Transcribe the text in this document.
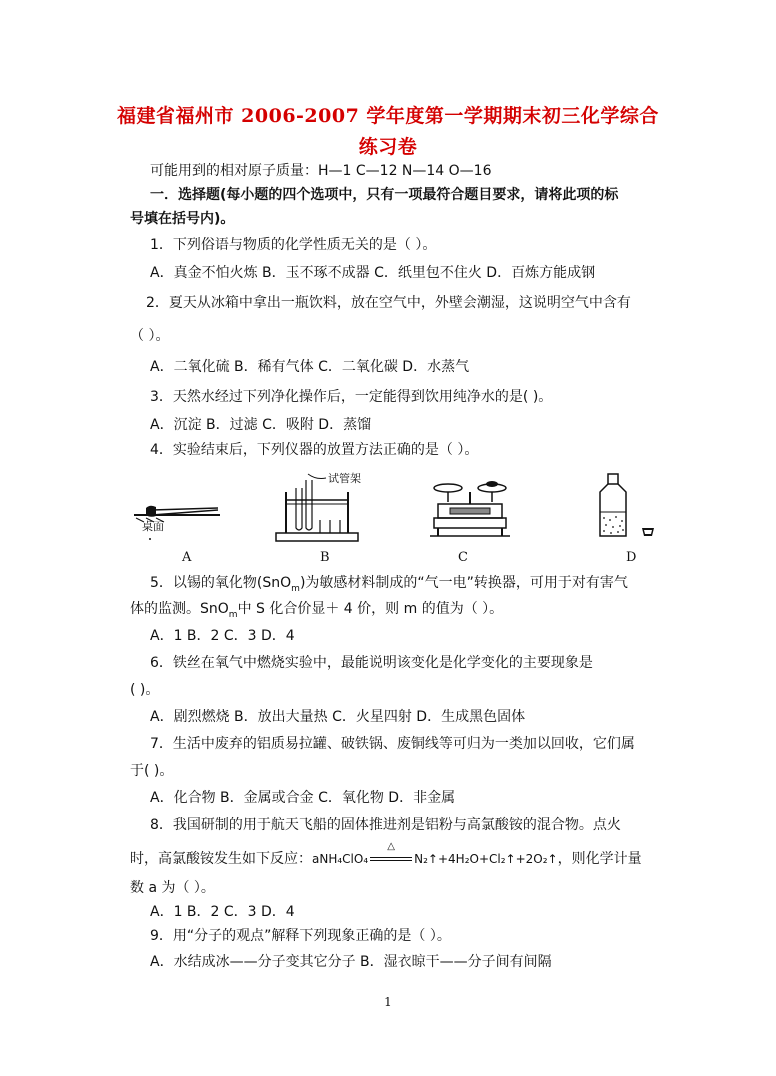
福建省福州市 2006-2007 学年度第一学期期末初三化学综合
练习卷
可能用到的相对原子质量：H—1 C—12 N—14 O—16
一．选择题(每小题的四个选项中，只有一项最符合题目要求，请将此项的标
号填在括号内)。
1．下列俗语与物质的化学性质无关的是（ ）。
A．真金不怕火炼 B．玉不琢不成器 C．纸里包不住火 D．百炼方能成钢
2．夏天从冰箱中拿出一瓶饮料，放在空气中，外壁会潮湿，这说明空气中含有
（ ）。
A．二氧化硫 B．稀有气体 C．二氧化碳 D．水蒸气
3．天然水经过下列净化操作后，一定能得到饮用纯净水的是( )。
A．沉淀 B．过滤 C．吸附 D．蒸馏
4．实验结束后，下列仪器的放置方法正确的是（ ）。
桌面
试管架
A	B	C	D
5．以锡的氧化物(SnO$_m$)为敏感材料制成的“气一电”转换器，可用于对有害气
体的监测。SnO$_m$中 S 化合价显＋ 4 价，则 m 的值为（ ）。
A．1 B．2 C．3 D．4
6．铁丝在氧气中燃烧实验中，最能说明该变化是化学变化的主要现象是
( )。
A．剧烈燃烧 B．放出大量热 C．火星四射 D．生成黑色固体
7．生活中废弃的铝质易拉罐、破铁锅、废铜线等可归为一类加以回收，它们属
于( )。
A．化合物 B．金属或合金 C．氧化物 D．非金属
8．我国研制的用于航天飞船的固体推进剂是铝粉与高氯酸铵的混合物。点火
时，高氯酸铵发生如下反应：aNH₄ClO₄
△
N₂↑+4H₂O+Cl₂↑+2O₂↑，则化学计量
数 a 为（ ）。
A．1 B．2 C．3 D．4
9．用“分子的观点”解释下列现象正确的是（ ）。
A．水结成冰——分子变其它分子 B．湿衣晾干——分子间有间隔
1
